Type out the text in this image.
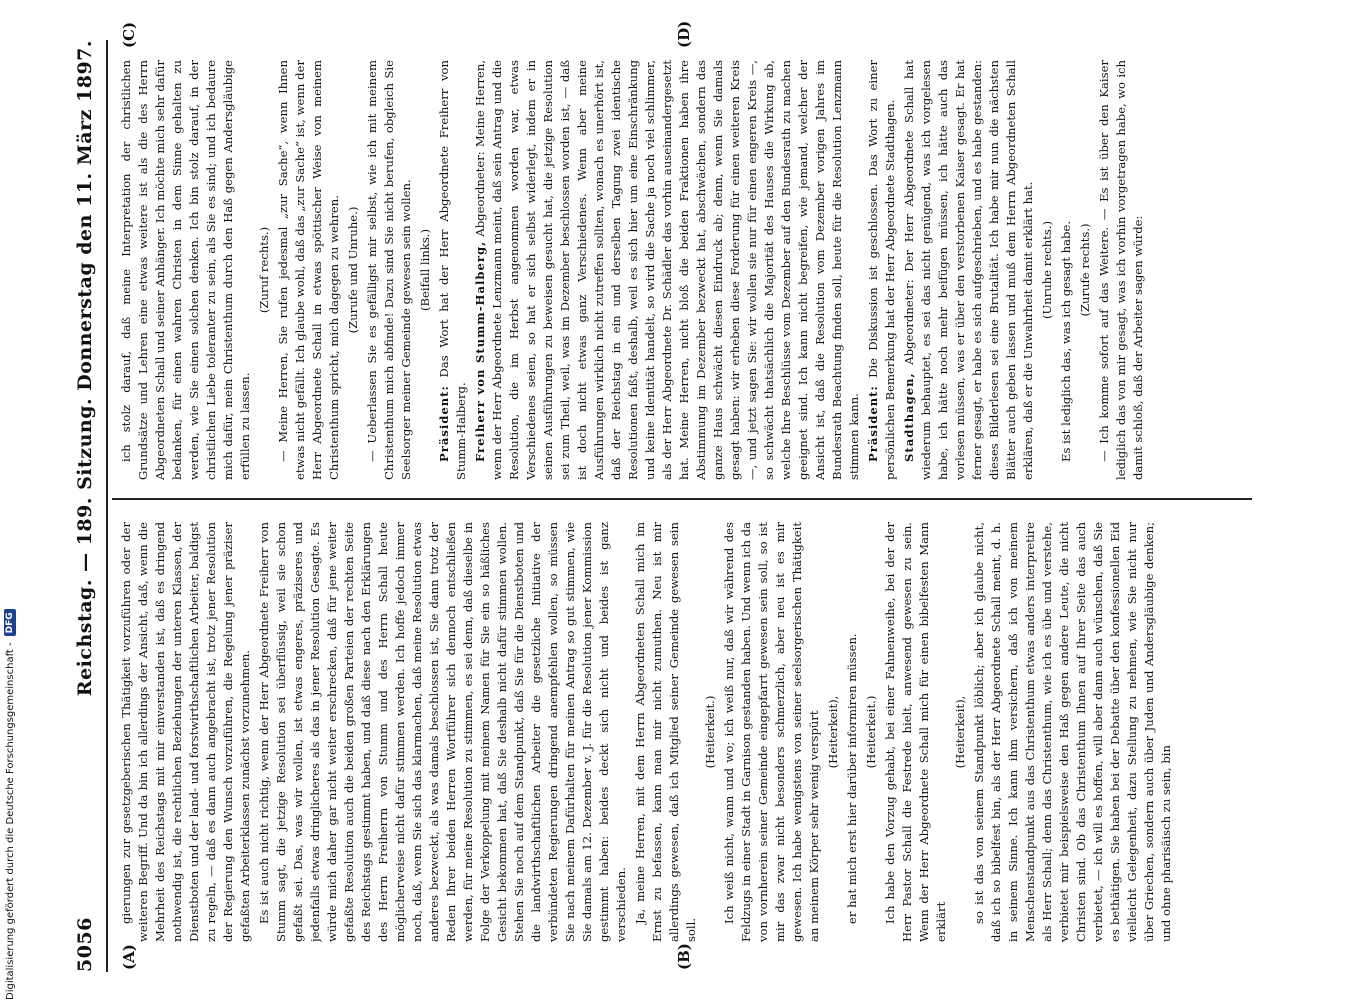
5056
Reichstag. — 189. Sitzung. Donnerstag den 11. März 1897.
(A)	(B)
(C)	(D)

gierungen zur gesetzgeberischen Thätigkeit vorzuführen oder der weiteren Begriff. Und da bin ich allerdings der Ansicht, daß, wenn die Mehrheit des Reichstags mit mir einverstanden ist, daß es dringend nothwendig ist, die rechtlichen Beziehungen der unteren Klassen, der Dienstboten und der land- und forstwirthschaftlichen Arbeiter, baldigst zu regeln, — daß es dann auch angebracht ist, trotz jener Resolution der Regierung den Wunsch vorzuführen, die Regelung jener präziser gefaßten Arbeiterklassen zunächst vorzunehmen. Es ist auch nicht richtig, wenn der Herr Abgeordnete Freiherr von Stumm sagt, die jetzige Resolution sei überflüssig, weil sie schon gefaßt sei. Das, was wir wollen, ist etwas engeres, präziseres und jedenfalls etwas dringlicheres als das in jener Resolution Gesagte. Es würde mich daher gar nicht weiter erschrecken, daß für jene weiter gefaßte Resolution auch die beiden großen Parteien der rechten Seite des Reichstags gestimmt haben, und daß diese nach den Erklärungen des Herrn Freiherrn von Stumm und des Herrn Schall heute möglicherweise nicht dafür stimmen werden. Ich hoffe jedoch immer noch, daß, wenn Sie sich das klarmachen, daß meine Resolution etwas anderes bezweckt, als was damals beschlossen ist, Sie dann trotz der Reden Ihrer beiden Herren Wortführer sich dennoch entschließen werden, für meine Resolution zu stimmen, es sei denn, daß dieselbe in Folge der Verkoppelung mit meinem Namen für Sie ein so häßliches Gesicht bekommen hat, daß Sie deshalb nicht dafür stimmen wollen. Stehen Sie noch auf dem Standpunkt, daß Sie für die Dienstboten und die landwirthschaftlichen Arbeiter die gesetzliche Initiative der verbündeten Regierungen dringend anempfehlen wollen, so müssen Sie nach meinem Dafürhalten für meinen Antrag so gut stimmen, wie Sie damals am 12. Dezember v. J. für die Resolution jener Kommission gestimmt haben: beides deckt sich nicht und beides ist ganz verschieden. Ja, meine Herren, mit dem Herrn Abgeordneten Schall mich im Ernst zu befassen, kann man mir nicht zumuthen. Neu ist mir allerdings gewesen, daß ich Mitglied seiner Gemeinde gewesen sein soll.

(Heiterkeit.) Ich weiß nicht, wann und wo; ich weiß nur, daß wir während des Feldzugs in einer Stadt in Garnison gestanden haben. Und wenn ich da von vornherein seiner Gemeinde eingepfarrt gewesen sein soll, so ist mir das zwar nicht besonders schmerzlich, aber neu ist es mir gewesen. Ich habe wenigstens von seiner seelsorgerischen Thätigkeit an meinem Körper sehr wenig verspürt (Heiterkeit), er hat mich erst hier darüber informiren müssen. (Heiterkeit.) Ich habe den Vorzug gehabt, bei einer Fahnenweihe, bei der der Herr Pastor Schall die Festrede hielt, anwesend gewesen zu sein. Wenn der Herr Abgeordnete Schall mich für einen bibelfesten Mann erklärt

(Heiterkeit), so ist das von seinem Standpunkt löblich; aber ich glaube nicht, daß ich so bibelfest bin, als der Herr Abgeordnete Schall meint, d. h. in seinem Sinne. Ich kann ihm versichern, daß ich von meinem Menschenstandpunkt aus das Christenthum etwas anders interpretire als Herr Schall; denn das Christenthum, wie ich es übe und verstehe, verbietet mir beispielsweise den Haß gegen andere Leute, die nicht Christen sind. Ob das Christenthum Ihnen auf Ihrer Seite das auch verbietet, — ich will es hoffen, will aber dann auch wünschen, daß Sie es bethätigen. Sie haben bei der Debatte über den konfessionellen Eid vielleicht Gelegenheit, dazu Stellung zu nehmen, wie Sie nicht nur über Griechen, sondern auch über Juden und Andersgläubige denken; und ohne pharisäisch zu sein, bin

ich stolz darauf, daß meine Interpretation der christlichen Grundsätze und Lehren eine etwas weitere ist als die des Herrn Abgeordneten Schall und seiner Anhänger. Ich möchte mich sehr dafür bedanken, für einen wahren Christen in dem Sinne gehalten zu werden, wie Sie einen solchen denken. Ich bin stolz darauf, in der christlichen Liebe toleranter zu sein, als Sie es sind; und ich bedaure mich dafür, mein Christenthum durch den Haß gegen Andersgläubige erfüllen zu lassen.

(Zuruf rechts.) — Meine Herren, Sie rufen jedesmal „zur Sache“, wenn Ihnen etwas nicht gefällt. Ich glaube wohl, daß das „zur Sache“ ist, wenn der Herr Abgeordnete Schall in etwas spöttischer Weise von meinem Christenthum spricht, mich dagegen zu wehren. (Zurufe und Unruhe.) — Ueberlassen Sie es gefälligst mir selbst, wie ich mit meinem Christenthum mich abfinde! Dazu sind Sie nicht berufen, obgleich Sie Seelsorger meiner Gemeinde gewesen sein wollen. (Beifall links.)

Präsident: Das Wort hat der Herr Abgeordnete Freiherr von Stumm-Halberg. Freiherr von Stumm-Halberg, Abgeordneter: Meine Herren, wenn der Herr Abgeordnete Lenzmann meint, daß sein Antrag und die Resolution, die im Herbst angenommen worden war, etwas Verschiedenes seien, so hat er sich selbst widerlegt, indem er in seinen Ausführungen zu beweisen gesucht hat, die jetzige Resolution sei zum Theil, weil, was im Dezember beschlossen worden ist, — daß ist doch nicht etwas ganz Verschiedenes. Wenn aber meine Ausführungen wirklich nicht zutreffen sollten, wonach es unerhört ist, daß der Reichstag in ein und derselben Tagung zwei identische Resolutionen faßt, deshalb, weil es sich hier um eine Einschränkung und keine Identität handelt, so wird die Sache ja noch viel schlimmer, als der Herr Abgeordnete Dr. Schädler das vorhin auseinandergesetzt hat. Meine Herren, nicht bloß die beiden Fraktionen haben ihre Abstimmung im Dezember bezweckt hat, abschwächen, sondern das ganze Haus schwächt diesen Eindruck ab; denn, wenn Sie damals gesagt haben: wir erheben diese Forderung für einen weiteren Kreis —, und jetzt sagen Sie: wir wollen sie nur für einen engeren Kreis —, so schwächt thatsächlich die Majorität des Hauses die Wirkung ab, welche Ihre Beschlüsse vom Dezember auf den Bundesrath zu machen geeignet sind. Ich kann nicht begreifen, wie jemand, welcher der Ansicht ist, daß die Resolution vom Dezember vorigen Jahres im Bundesrath Beachtung finden soll, heute für die Resolution Lenzmann stimmen kann. Präsident: Die Diskussion ist geschlossen. Das Wort zu einer persönlichen Bemerkung hat der Herr Abgeordnete Stadthagen. Stadthagen, Abgeordneter: Der Herr Abgeordnete Schall hat wiederum behauptet, es sei das nicht genügend, was ich vorgelesen habe, ich hätte noch mehr beifügen müssen, ich hätte auch das vorlesen müssen, was er über den verstorbenen Kaiser gesagt. Er hat ferner gesagt, er habe es sich aufgeschrieben, und es habe gestanden: dieses Bilderlesen sei eine Brutalität. Ich habe mir nun die nächsten Blätter auch geben lassen und muß dem Herrn Abgeordneten Schall erklären, daß er die Unwahrheit damit erklärt hat. (Unruhe rechts.) Es ist lediglich das, was ich gesagt habe. (Zurufe rechts.) — Ich komme sofort auf das Weitere. — Es ist über den Kaiser lediglich das von mir gesagt, was ich vorhin vorgetragen habe, wo ich damit schloß, daß der Arbeiter sagen würde:

Digitalisierung gefördert durch die Deutsche Forschungsgemeinschaft -
DFG
